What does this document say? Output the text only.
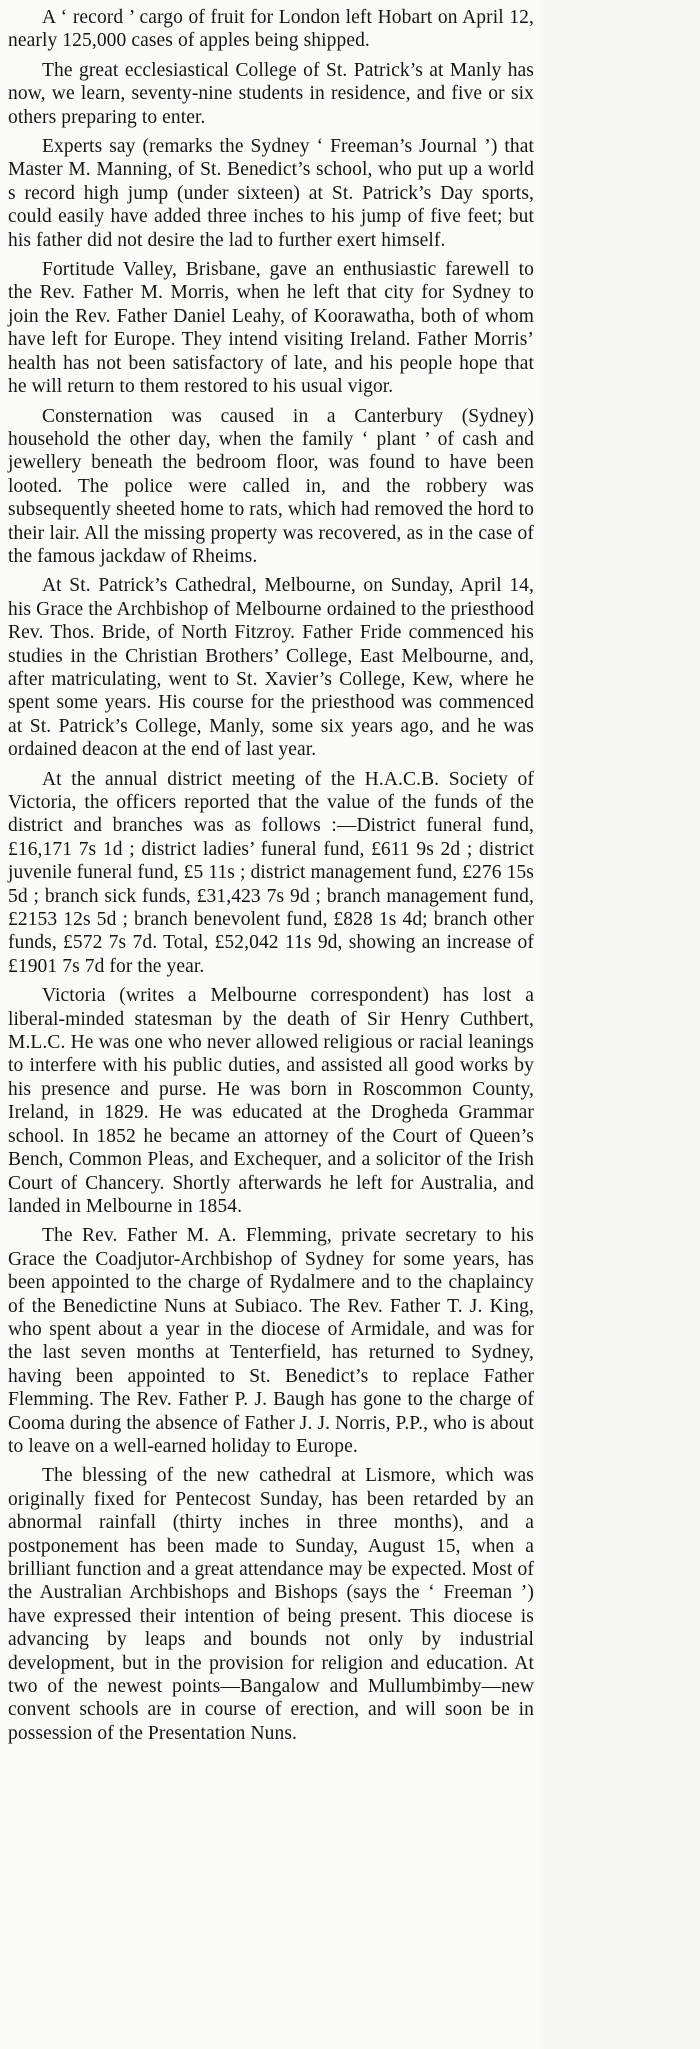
A ‘ record ’ cargo of fruit for London left Hobart on April 12, nearly 125,000 cases of apples being shipped.

The great ecclesiastical College of St. Patrick’s at Manly has now, we learn, seventy-nine students in residence, and five or six others preparing to enter.

Experts say (remarks the Sydney ‘ Freeman’s Journal ’) that Master M. Manning, of St. Benedict’s school, who put up a world s record high jump (under sixteen) at St. Patrick’s Day sports, could easily have added three inches to his jump of five feet; but his father did not desire the lad to further exert himself.

Fortitude Valley, Brisbane, gave an enthusiastic farewell to the Rev. Father M. Morris, when he left that city for Sydney to join the Rev. Father Daniel Leahy, of Koorawatha, both of whom have left for Europe. They intend visiting Ireland. Father Morris’ health has not been satisfactory of late, and his people hope that he will return to them restored to his usual vigor.

Consternation was caused in a Canterbury (Sydney) household the other day, when the family ‘ plant ’ of cash and jewellery beneath the bedroom floor, was found to have been looted. The police were called in, and the robbery was subsequently sheeted home to rats, which had removed the hord to their lair. All the missing property was recovered, as in the case of the famous jackdaw of Rheims.

At St. Patrick’s Cathedral, Melbourne, on Sunday, April 14, his Grace the Archbishop of Melbourne ordained to the priesthood Rev. Thos. Bride, of North Fitzroy. Father Fride commenced his studies in the Christian Brothers’ College, East Melbourne, and, after matriculating, went to St. Xavier’s College, Kew, where he spent some years. His course for the priesthood was commenced at St. Patrick’s College, Manly, some six years ago, and he was ordained deacon at the end of last year.

At the annual district meeting of the H.A.C.B. Society of Victoria, the officers reported that the value of the funds of the district and branches was as follows :—District funeral fund, £16,171 7s 1d ; district ladies’ funeral fund, £611 9s 2d ; district juvenile funeral fund, £5 11s ; district management fund, £276 15s 5d ; branch sick funds, £31,423 7s 9d ; branch management fund, £2153 12s 5d ; branch benevolent fund, £828 1s 4d; branch other funds, £572 7s 7d. Total, £52,042 11s 9d, showing an increase of £1901 7s 7d for the year.

Victoria (writes a Melbourne correspondent) has lost a liberal-minded statesman by the death of Sir Henry Cuthbert, M.L.C. He was one who never allowed religious or racial leanings to interfere with his public duties, and assisted all good works by his presence and purse. He was born in Roscommon County, Ireland, in 1829. He was educated at the Drogheda Grammar school. In 1852 he became an attorney of the Court of Queen’s Bench, Common Pleas, and Exchequer, and a solicitor of the Irish Court of Chancery. Shortly afterwards he left for Australia, and landed in Melbourne in 1854.

The Rev. Father M. A. Flemming, private secretary to his Grace the Coadjutor-Archbishop of Sydney for some years, has been appointed to the charge of Rydalmere and to the chaplaincy of the Benedictine Nuns at Subiaco. The Rev. Father T. J. King, who spent about a year in the diocese of Armidale, and was for the last seven months at Tenterfield, has returned to Sydney, having been appointed to St. Benedict’s to replace Father Flemming. The Rev. Father P. J. Baugh has gone to the charge of Cooma during the absence of Father J. J. Norris, P.P., who is about to leave on a well-earned holiday to Europe.

The blessing of the new cathedral at Lismore, which was originally fixed for Pentecost Sunday, has been retarded by an abnormal rainfall (thirty inches in three months), and a postponement has been made to Sunday, August 15, when a brilliant function and a great attendance may be expected. Most of the Australian Archbishops and Bishops (says the ‘ Freeman ’) have expressed their intention of being present. This diocese is advancing by leaps and bounds not only by industrial development, but in the provision for religion and education. At two of the newest points—Bangalow and Mullumbimby—new convent schools are in course of erection, and will soon be in possession of the Presentation Nuns.
